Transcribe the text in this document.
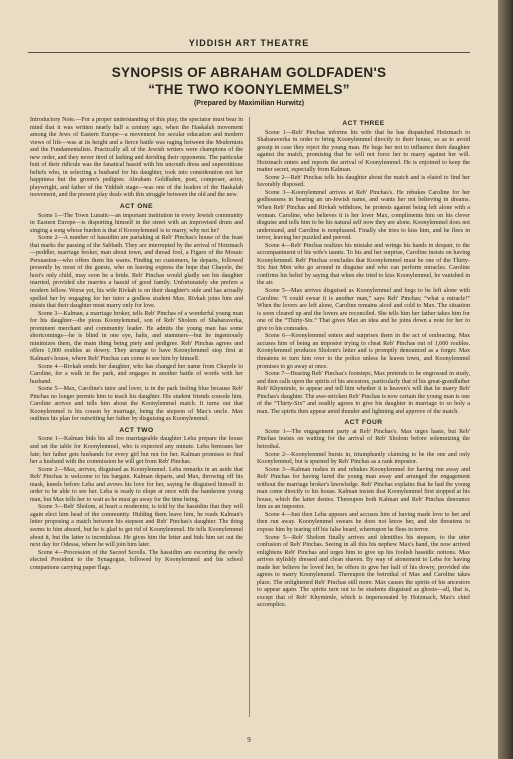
YIDDISH ART THEATRE
SYNOPSIS OF ABRAHAM GOLDFADEN'S
“THE TWO KOONYLEMMELS”
(Prepared by Maximilian Hurwitz)

Introductory Note.—For a proper understanding of this play, the spectator must bear in mind that it was written nearly half a century ago, when the Haskalah movement among the Jews of Eastern Europe—a movement for secular education and modern views of life—was at its height and a fierce battle was raging between the Modernists and the Fundamentalists. Practically all of the Jewish writers were champions of the new order, and they never tired of lashing and deriding their opponents. The particular butt of their ridicule was the fanatical hassid with his uncouth dress and superstitious beliefs who, in selecting a husband for his daughter, took into consideration not her happiness but the groom's pedigree. Abraham Goldfaden, poet, composer, actor, playwright, and father of the Yiddish stage—was one of the leaders of the Haskalah movement, and the present play deals with this struggle between the old and the new.

ACT ONE

Scene 1—The Town Lunatic—an important institution in every Jewish community in Eastern Europe—is disporting himself in the street with an improvised drum and singing a song whose burden is that if Koonylemmel is to marry, why not he?

Scene 2—A number of hassidim are partaking at Reb' Pinchas's house of the feast that marks the passing of the Sabbath. They are interrupted by the arrival of Hotzmach—peddler, marriage broker, man about town, and thread fool, a Figaro of the Mosaic Persuasion—who offers them his wares. Finding no customers, he departs, followed presently by most of the guests, who on leaving express the hope that Chayele, the host's only child, may soon be a bride. Reb' Pinchas would gladly see his daughter married, provided she marries a hassid of good family. Unfortunately she prefers a modern fellow. Worse yet, his wife Rivkah is on their daughter's side and has actually spelled her by engaging for her tutor a godless student Max. Rivkah joins him and insists that their daughter must marry only for love.

Scene 3—Kalman, a marriage broker, tells Reb' Pinchas of a wonderful young man for his daughter—the pious Koonylemmel, son of Reb' Sholom of Shabaraverka, prominent merchant and community leader. He admits the young man has some shortcomings—he is blind in one eye, halts, and stammers—but he ingeniously minimizes them, the main thing being piety and pedigree. Reb' Pinchas agrees and offers 1,000 roubles as dowry. They arrange to have Koonylemmel stop first at Kalman's house, where Reb' Pinchas can come to see him by himself.

Scene 4—Rivkah sends her daughter, who has changed her name from Chayele to Caroline, for a walk in the park, and engages in another battle of words with her husband.

Scene 5—Max, Caroline's tutor and lover, is in the park feeling blue because Reb' Pinchas no longer permits him to teach his daughter. His student friends console him. Caroline arrives and tells him about the Koonylemmel match. It turns out that Koonylemmel is his cousin by marriage, being the stepson of Max's uncle. Max outlines his plan for outwitting her father by disguising as Koonylemmel.

ACT TWO

Scene 1—Kalman bids his all too marriageable daughter Leba prepare the house and set the table for Koonylemmel, who is expected any minute. Leba bemoans her fate; her father gets husbands for every girl but not for her. Kalman promises to find her a husband with the commission he will get from Reb' Pinchas.

Scene 2—Max, arrives, disguised as Koonylemmel. Leba remarks in an aside that Reb' Pinchas is welcome to his bargain. Kalman departs, and Max, throwing off his mask, kneels before Leba and avows his love for her, saying he disguised himself in order to be able to see her. Leba is ready to elope at once with the handsome young man, but Max tells her to wait as he must go away for the time being.

Scene 3—Reb' Sholom, at heart a modernist, is told by the hassidim that they will again elect him head of the community. Hidding them leave him, he reads Kalman's letter proposing a match between his stepson and Reb' Pinchas's daughter. The thing seems to him absurd, but he is glad to get rid of Koonylemmel. He tells Koonylemmel about it, but the latter is incredulous. He gives him the letter and bids him set out the next day for Odessa, where he will join him later.

Scene 4—Procession of the Sacred Scrolls. The hassidim are escorting the newly elected President to the Synagogue, followed by Koonylemmel and his school companions carrying paper flags.

ACT THREE

Scene 1—Reb' Pinchas informs his wife that he has dispatched Hotzmach to Shabaraverka in order to bring Koonylemmel directly to their house, so as to avoid gossip in case they reject the young man. He begs her not to influence their daughter against the match, promising that he will not force her to marry against her will. Hotzmach enters and reports the arrival of Koonylemmel. He is enjoined to keep the matter secret, especially from Kalman.

Scene 2—Reb' Pinchas tells his daughter about the match and is elated to find her favorably disposed.

Scene 3—Koonylemmel arrives at Reb' Pinchas's. He rebukes Caroline for her godlessness in bearing an un-Jewish name, and wants her not believing in dreams. When Reb' Pinchas and Rivkah withdraw, he protests against being left alone with a woman. Caroline, who believes it is her lover Max, compliments him on his clever disguise and tells him to be his natural self now they are alone. Koonylemmel does not understand, and Caroline is nonplussed. Finally she tries to kiss him, and he flees in terror, leaving her puzzled and peeved.

Scene 4—Reb' Pinchas realizes his mistake and wrings his hands in despair, to the accompaniment of his wife's taunts. To his and her surprise, Caroline insists on having Koonylemmel. Reb' Pinchas concludes that Koonylemmel must be one of the Thirty-Six Just Men who go around in disguise and who can perform miracles. Caroline confirms his belief by saying that when she tried to kiss Koonylemmel, he vanished in the air.

Scene 5—Max arrives disguised as Koonylemmel and begs to be left alone with Caroline. “I could swear it is another man,” says Reb' Pinchas; “what a miracle!” When the lovers are left alone, Caroline remains aloof and cold to Max. The situation is soon cleared up and the lovers are reconciled. She tells him her father takes him for one of the “Thirty-Six.” That gives Max an idea and he joins down a note for her to give to his comrades.

Scene 6—Koonylemmel enters and surprises them in the act of embracing. Max accuses him of being an impostor trying to cheat Reb' Pinchas out of 1,000 roubles. Koonylemmel produces Sholom's letter and is promptly denounced as a forger. Max threatens to turn him over to the police unless he leaves town, and Koonylemmel promises to go away at once.

Scene 7—Hearing Reb' Pinchas's footsteps, Max pretends to be engrossed in study, and then calls upon the spirits of his ancestors, particularly that of his great-grandfather Reb' Khymimle, to appear and tell him whether it is heaven's will that he marry Reb' Pinchas's daughter. The awe-stricken Reb' Pinchas is now certain the young man is one of the “Thirty-Six” and readily agrees to give his daughter in marriage to so holy a man. The spirits then appear amid thunder and lightning and approve of the match.

ACT FOUR

Scene 1—The engagement party at Reb' Pinchas's. Max urges haste, but Reb' Pinchas insists on waiting for the arrival of Reb' Sholom before solemnizing the betrothal.

Scene 2—Koonylemmel bursts in, triumphantly claiming to be the one and only Koonylemmel, but is spurned by Reb' Pinchas as a rank impostor.

Scene 3—Kalman rushes in and rebukes Koonylemmel for having run away and Reb' Pinchas for having lured the young man away and arranged the engagement without the marriage broker's knowledge. Reb' Pinchas explains that he had the young man come directly to his house. Kalman insists that Koonylemmel first stopped at his house, which the latter denies. Thereupon both Kalman and Reb' Pinchas denounce him as an impostor.

Scene 4—Just then Leba appears and accuses him of having made love to her and then run away. Koonylemmel swears he does not know her, and she threatens to expose him by tearing off his false beard, whereupon he flees in terror.

Scene 5—Reb' Sholom finally arrives and identifies his stepson, to the utter confusion of Reb' Pinchas. Seeing in all this his nephew Max's hand, the now arrived enlightens Reb' Pinchas and urges him to give up his foolish hassidic notions. Max arrives stylishly dressed and clean shaven. By way of atonement to Leba for having made her believe he loved her, he offers to give her half of his dowry, provided she agrees to marry Koonylemmel. Thereupon the betrothal of Max and Caroline takes place. The enlightened Reb' Pinchas still more. Max causes the spirits of his ancestors to appear again. The spirits turn out to be students disguised as ghosts—all, that is, except that of Reb' Khymimle, which is impersonated by Hotzmach, Max's chief accomplice.

9
